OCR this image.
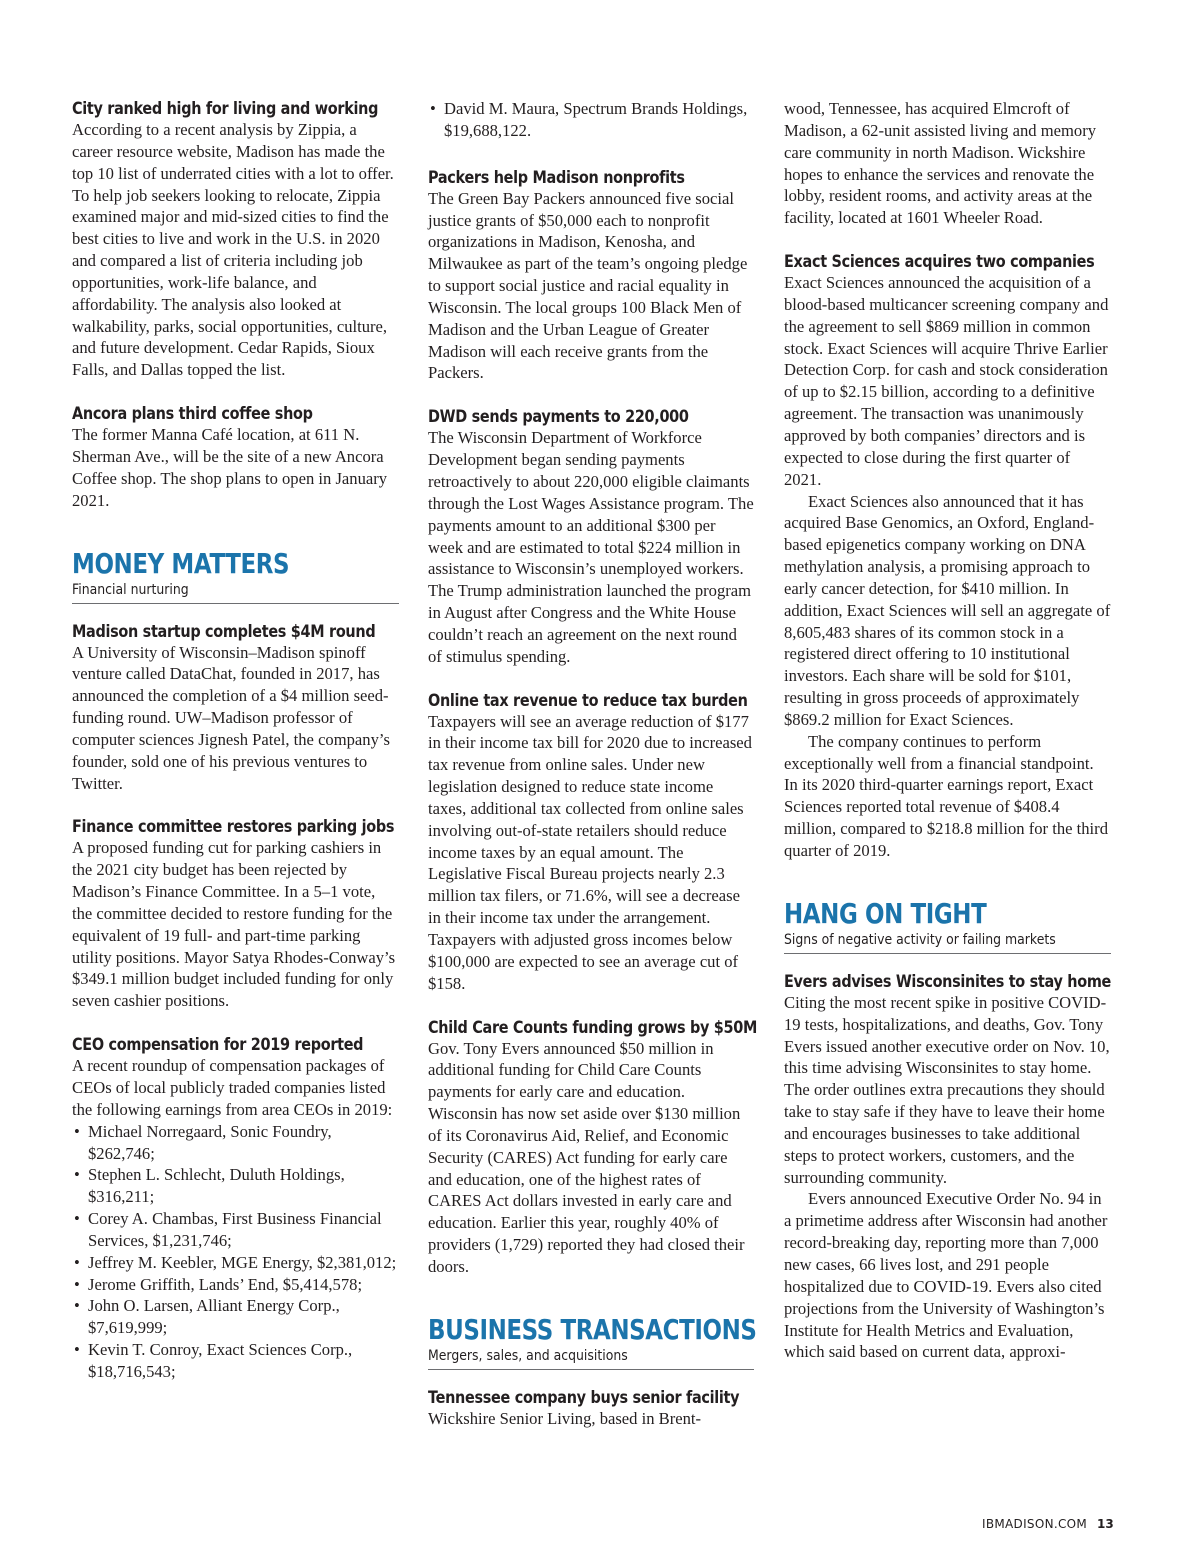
City ranked high for living and working

According to a recent analysis by Zippia, a career resource website, Madison has made the top 10 list of underrated cities with a lot to offer. To help job seekers looking to relocate, Zippia examined major and mid-sized cities to find the best cities to live and work in the U.S. in 2020 and compared a list of criteria including job opportunities, work-life balance, and affordability. The analysis also looked at walkability, parks, social opportunities, culture, and future development. Cedar Rapids, Sioux Falls, and Dallas topped the list.

Ancora plans third coffee shop

The former Manna Café location, at 611 N. Sherman Ave., will be the site of a new Ancora Coffee shop. The shop plans to open in January 2021.

MONEY MATTERS
Financial nurturing
Madison startup completes $4M round

A University of Wisconsin–Madison spinoff venture called DataChat, founded in 2017, has announced the completion of a $4 million seed-funding round. UW–Madison professor of computer sciences Jignesh Patel, the company’s founder, sold one of his previous ventures to Twitter.

Finance committee restores parking jobs

A proposed funding cut for parking cashiers in the 2021 city budget has been rejected by Madison’s Finance Committee. In a 5–1 vote, the committee decided to restore funding for the equivalent of 19 full- and part-time parking utility positions. Mayor Satya Rhodes-Conway’s $349.1 million budget included funding for only seven cashier positions.

CEO compensation for 2019 reported

A recent roundup of compensation packages of CEOs of local publicly traded companies listed the following earnings from area CEOs in 2019:

• Michael Norregaard, Sonic Foundry, $262,746;
• Stephen L. Schlecht, Duluth Holdings, $316,211;
• Corey A. Chambas, First Business Financial Services, $1,231,746;
• Jeffrey M. Keebler, MGE Energy, $2,381,012;
• Jerome Griffith, Lands’ End, $5,414,578;
• John O. Larsen, Alliant Energy Corp., $7,619,999;
• Kevin T. Conroy, Exact Sciences Corp., $18,716,543;
• David M. Maura, Spectrum Brands Holdings, $19,688,122.
Packers help Madison nonprofits

The Green Bay Packers announced five social justice grants of $50,000 each to nonprofit organizations in Madison, Kenosha, and Milwaukee as part of the team’s ongoing pledge to support social justice and racial equality in Wisconsin. The local groups 100 Black Men of Madison and the Urban League of Greater Madison will each receive grants from the Packers.

DWD sends payments to 220,000

The Wisconsin Department of Workforce Development began sending payments retroactively to about 220,000 eligible claimants through the Lost Wages Assistance program. The payments amount to an additional $300 per week and are estimated to total $224 million in assistance to Wisconsin’s unemployed workers. The Trump administration launched the program in August after Congress and the White House couldn’t reach an agreement on the next round of stimulus spending.

Online tax revenue to reduce tax burden

Taxpayers will see an average reduction of $177 in their income tax bill for 2020 due to increased tax revenue from online sales. Under new legislation designed to reduce state income taxes, additional tax collected from online sales involving out-of-state retailers should reduce income taxes by an equal amount. The Legislative Fiscal Bureau projects nearly 2.3 million tax filers, or 71.6%, will see a decrease in their income tax under the arrangement. Taxpayers with adjusted gross incomes below $100,000 are expected to see an average cut of $158.

Child Care Counts funding grows by $50M

Gov. Tony Evers announced $50 million in additional funding for Child Care Counts payments for early care and education. Wisconsin has now set aside over $130 million of its Coronavirus Aid, Relief, and Economic Security (CARES) Act funding for early care and education, one of the highest rates of CARES Act dollars invested in early care and education. Earlier this year, roughly 40% of providers (1,729) reported they had closed their doors.

BUSINESS TRANSACTIONS
Mergers, sales, and acquisitions
Tennessee company buys senior facility

Wickshire Senior Living, based in Brent-

wood, Tennessee, has acquired Elmcroft of Madison, a 62-unit assisted living and memory care community in north Madison. Wickshire hopes to enhance the services and renovate the lobby, resident rooms, and activity areas at the facility, located at 1601 Wheeler Road.

Exact Sciences acquires two companies

Exact Sciences announced the acquisition of a blood-based multicancer screening company and the agreement to sell $869 million in common stock. Exact Sciences will acquire Thrive Earlier Detection Corp. for cash and stock consideration of up to $2.15 billion, according to a definitive agreement. The transaction was unanimously approved by both companies’ directors and is expected to close during the first quarter of 2021.

Exact Sciences also announced that it has acquired Base Genomics, an Oxford, England-based epigenetics company working on DNA methylation analysis, a promising approach to early cancer detection, for $410 million. In addition, Exact Sciences will sell an aggregate of 8,605,483 shares of its common stock in a registered direct offering to 10 institutional investors. Each share will be sold for $101, resulting in gross proceeds of approximately $869.2 million for Exact Sciences.

The company continues to perform exceptionally well from a financial standpoint. In its 2020 third-quarter earnings report, Exact Sciences reported total revenue of $408.4 million, compared to $218.8 million for the third quarter of 2019.

HANG ON TIGHT
Signs of negative activity or failing markets
Evers advises Wisconsinites to stay home

Citing the most recent spike in positive COVID-19 tests, hospitalizations, and deaths, Gov. Tony Evers issued another executive order on Nov. 10, this time advising Wisconsinites to stay home. The order outlines extra precautions they should take to stay safe if they have to leave their home and encourages businesses to take additional steps to protect workers, customers, and the surrounding community.

Evers announced Executive Order No. 94 in a primetime address after Wisconsin had another record-breaking day, reporting more than 7,000 new cases, 66 lives lost, and 291 people hospitalized due to COVID-19. Evers also cited projections from the University of Washington’s Institute for Health Metrics and Evaluation, which said based on current data, approxi-

IBMADISON.COM 13
